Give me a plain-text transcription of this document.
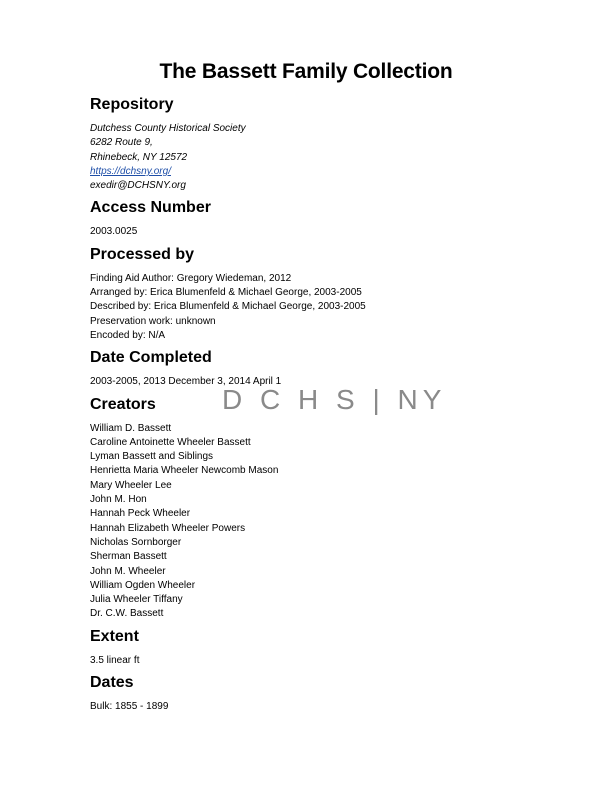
The Bassett Family Collection
Repository
Dutchess County Historical Society
6282 Route 9,
Rhinebeck, NY 12572
https://dchsny.org/
exedir@DCHSNY.org
Access Number
2003.0025
Processed by
Finding Aid Author: Gregory Wiedeman, 2012
Arranged by: Erica Blumenfeld & Michael George, 2003-2005
Described by: Erica Blumenfeld & Michael George, 2003-2005
Preservation work: unknown
Encoded by: N/A
Date Completed
2003-2005, 2013 December 3, 2014 April 1
Creators
William D. Bassett
Caroline Antoinette Wheeler Bassett
Lyman Bassett and Siblings
Henrietta Maria Wheeler Newcomb Mason
Mary Wheeler Lee
John M. Hon
Hannah Peck Wheeler
Hannah Elizabeth Wheeler Powers
Nicholas Sornborger
Sherman Bassett
John M. Wheeler
William Ogden Wheeler
Julia Wheeler Tiffany
Dr. C.W. Bassett
Extent
3.5 linear ft
Dates
Bulk: 1855 - 1899
D C H S | NY
